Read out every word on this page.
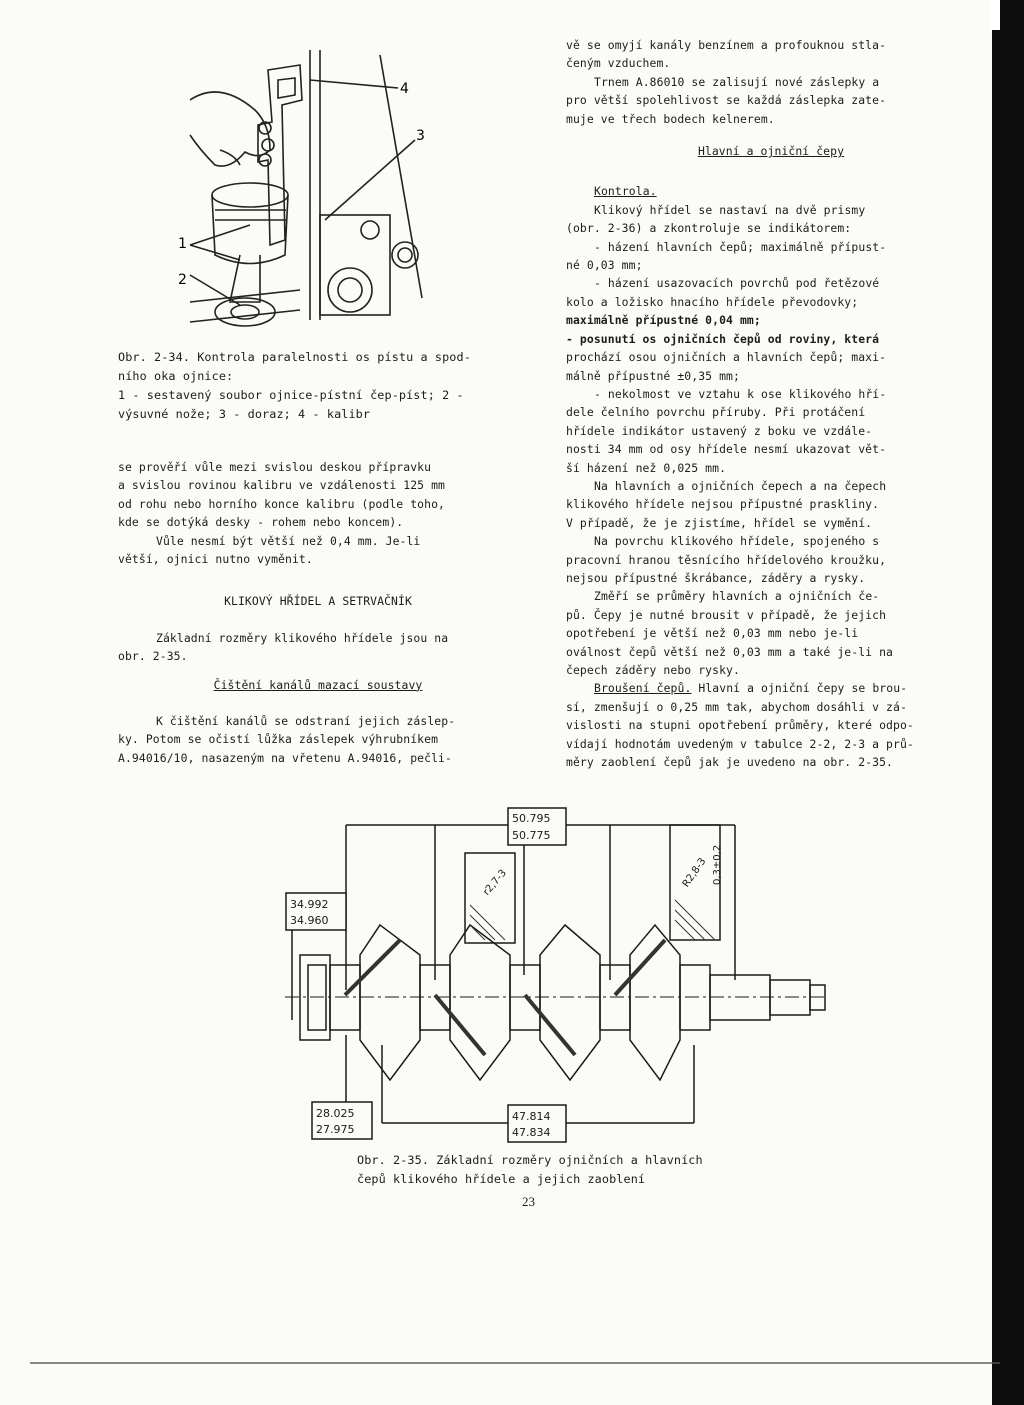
4
3
1
2

Obr. 2-34. Kontrola paralelnosti os pístu a spod-

ního oka ojnice:

1 - sestavený soubor ojnice-pístní čep-píst; 2 -

výsuvné nože; 3 - doraz; 4 - kalibr

se prověří vůle mezi svislou deskou přípravku

a svislou rovinou kalibru ve vzdálenosti 125 mm

od rohu nebo horního konce kalibru (podle toho,

kde se dotýká desky - rohem nebo koncem).

Vůle nesmí být větší než 0,4 mm. Je-li

větší, ojnici nutno vyměnit.

KLIKOVÝ HŘÍDEL A SETRVAČNÍK

Základní rozměry klikového hřídele jsou na

obr. 2-35.

Čištění kanálů mazací soustavy

K čištění kanálů se odstraní jejich záslep-

ky. Potom se očistí lůžka záslepek výhrubníkem

A.94016/10, nasazeným na vřetenu A.94016, pečli-

vě se omyjí kanály benzínem a profouknou stla-

čeným vzduchem.

Trnem A.86010 se zalisují nové záslepky a

pro větší spolehlivost se každá záslepka zate-

muje ve třech bodech kelnerem.

Hlavní a ojniční čepy

Kontrola.

Klikový hřídel se nastaví na dvě prismy

(obr. 2-36) a zkontroluje se indikátorem:

- házení hlavních čepů; maximálně přípust-

né 0,03 mm;

- házení usazovacích povrchů pod řetězové

kolo a ložisko hnacího hřídele převodovky;

maximálně přípustné 0,04 mm;

- posunutí os ojničních čepů od roviny, která

prochází osou ojničních a hlavních čepů; maxi-

málně přípustné ±0,35 mm;

- nekolmost ve vztahu k ose klikového hří-

dele čelního povrchu příruby. Při protáčení

hřídele indikátor ustavený z boku ve vzdále-

nosti 34 mm od osy hřídele nesmí ukazovat vět-

ší házení než 0,025 mm.

Na hlavních a ojničních čepech a na čepech

klikového hřídele nejsou přípustné praskliny.

V případě, že je zjistíme, hřídel se vymění.

Na povrchu klikového hřídele, spojeného s

pracovní hranou těsnícího hřídelového kroužku,

nejsou přípustné škrábance, záděry a rysky.

Změří se průměry hlavních a ojničních če-

pů. Čepy je nutné brousit v případě, že jejich

opotřebení je větší než 0,03 mm nebo je-li

oválnost čepů větší než 0,03 mm a také je-li na

čepech záděry nebo rysky.

Broušení čepů. Hlavní a ojniční čepy se brou-

sí, zmenšují o 0,25 mm tak, abychom dosáhli v zá-

vislosti na stupni opotřebení průměry, které odpo-

vídají hodnotám uvedeným v tabulce 2-2, 2-3 a prů-

měry zaoblení čepů jak je uvedeno na obr. 2-35.

50.795
50.775
34.992
34.960
28.025
27.975
47.814
47.834
r2,7-3	R2,8-3 0,3±0,2

Obr. 2-35. Základní rozměry ojničních a hlavních

čepů klikového hřídele a jejich zaoblení

23
